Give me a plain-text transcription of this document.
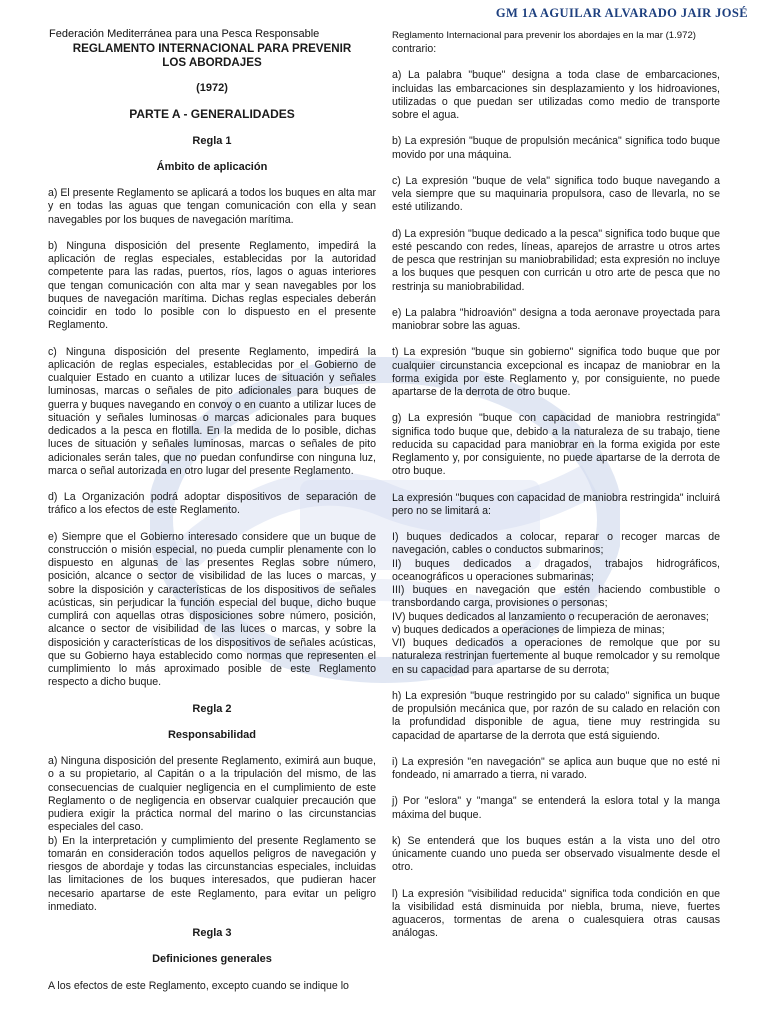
GM 1A AGUILAR ALVARADO JAIR JOSÉ

Federación Mediterránea para una Pesca Responsable	Reglamento Internacional para prevenir los abordajes en la mar (1.972)

REGLAMENTO INTERNACIONAL PARA PREVENIR
LOS ABORDAJES

(1972)

PARTE A - GENERALIDADES

Regla 1

Ámbito de aplicación

a) El presente Reglamento se aplicará a todos los buques en alta mar y en todas las aguas que tengan comunicación con ella y sean navegables por los buques de navegación marítima.

b) Ninguna disposición del presente Reglamento, impedirá la aplicación de reglas especiales, establecidas por la autoridad competente para las radas, puertos, ríos, lagos o aguas interiores que tengan comunicación con alta mar y sean navegables por los buques de navegación marítima. Dichas reglas especiales deberán coincidir en todo lo posible con lo dispuesto en el presente Reglamento.

c) Ninguna disposición del presente Reglamento, impedirá la aplicación de reglas especiales, establecidas por el Gobierno de cualquier Estado en cuanto a utilizar luces de situación y señales luminosas, marcas o señales de pito adicionales para buques de guerra y buques navegando en convoy o en cuanto a utilizar luces de situación y señales luminosas o marcas adicionales para buques dedicados a la pesca en flotilla. En la medida de lo posible, dichas luces de situación y señales luminosas, marcas o señales de pito adicionales serán tales, que no puedan confundirse con ninguna luz, marca o señal autorizada en otro lugar del presente Reglamento.

d) La Organización podrá adoptar dispositivos de separación de tráfico a los efectos de este Reglamento.

e) Siempre que el Gobierno interesado considere que un buque de construcción o misión especial, no pueda cumplir plenamente con lo dispuesto en algunas de las presentes Reglas sobre número, posición, alcance o sector de visibilidad de las luces o marcas, y sobre la disposición y características de los dispositivos de señales acústicas, sin perjudicar la función especial del buque, dicho buque cumplirá con aquellas otras disposiciones sobre número, posición, alcance o sector de visibilidad de las luces o marcas, y sobre la disposición y características de los dispositivos de señales acústicas, que su Gobierno haya establecido como normas que representen el cumplimiento lo más aproximado posible de este Reglamento respecto a dicho buque.

Regla 2

Responsabilidad

a) Ninguna disposición del presente Reglamento, eximirá aun buque, o a su propietario, al Capitán o a la tripulación del mismo, de las consecuencias de cualquier negligencia en el cumplimiento de este Reglamento o de negligencia en observar cualquier precaución que pudiera exigir la práctica normal del marino o las circunstancias especiales del caso.

b) En la interpretación y cumplimiento del presente Reglamento se tomarán en consideración todos aquellos peligros de navegación y riesgos de abordaje y todas las circunstancias especiales, incluidas las limitaciones de los buques interesados, que pudieran hacer necesario apartarse de este Reglamento, para evitar un peligro inmediato.

Regla 3

Definiciones generales

A los efectos de este Reglamento, excepto cuando se indique lo

contrario:

a) La palabra "buque" designa a toda clase de embarcaciones, incluidas las embarcaciones sin desplazamiento y los hidroaviones, utilizadas o que puedan ser utilizadas como medio de transporte sobre el agua.

b) La expresión "buque de propulsión mecánica" significa todo buque movido por una máquina.

c) La expresión "buque de vela" significa todo buque navegando a vela siempre que su maquinaria propulsora, caso de llevarla, no se esté utilizando.

d) La expresión "buque dedicado a la pesca" significa todo buque que esté pescando con redes, líneas, aparejos de arrastre u otros artes de pesca que restrinjan su maniobrabilidad; esta expresión no incluye a los buques que pesquen con curricán u otro arte de pesca que no restrinja su maniobrabilidad.

e) La palabra "hidroavión" designa a toda aeronave proyectada para maniobrar sobre las aguas.

t) La expresión "buque sin gobierno" significa todo buque que por cualquier circunstancia excepcional es incapaz de maniobrar en la forma exigida por este Reglamento y, por consiguiente, no puede apartarse de la derrota de otro buque.

g) La expresión "buque con capacidad de maniobra restringida" significa todo buque que, debido a la naturaleza de su trabajo, tiene reducida su capacidad para maniobrar en la forma exigida por este Reglamento y, por consiguiente, no puede apartarse de la derrota de otro buque.

La expresión "buques con capacidad de maniobra restringida" incluirá pero no se limitará a:

I) buques dedicados a colocar, reparar o recoger marcas de navegación, cables o conductos submarinos;

II) buques dedicados a dragados, trabajos hidrográficos, oceanográficos u operaciones submarinas;

III) buques en navegación que estén haciendo combustible o transbordando carga, provisiones o personas;

IV) buques dedicados al lanzamiento o recuperación de aeronaves;

v) buques dedicados a operaciones de limpieza de minas;

VI) buques dedicados a operaciones de remolque que por su naturaleza restrinjan fuertemente al buque remolcador y su remolque en su capacidad para apartarse de su derrota;

h) La expresión "buque restringido por su calado" significa un buque de propulsión mecánica que, por razón de su calado en relación con la profundidad disponible de agua, tiene muy restringida su capacidad de apartarse de la derrota que está siguiendo.

i) La expresión "en navegación" se aplica aun buque que no esté ni fondeado, ni amarrado a tierra, ni varado.

j) Por "eslora" y "manga" se entenderá la eslora total y la manga máxima del buque.

k) Se entenderá que los buques están a la vista uno del otro únicamente cuando uno pueda ser observado visualmente desde el otro.

l) La expresión "visibilidad reducida" significa toda condición en que la visibilidad está disminuida por niebla, bruma, nieve, fuertes aguaceros, tormentas de arena o cualesquiera otras causas análogas.
